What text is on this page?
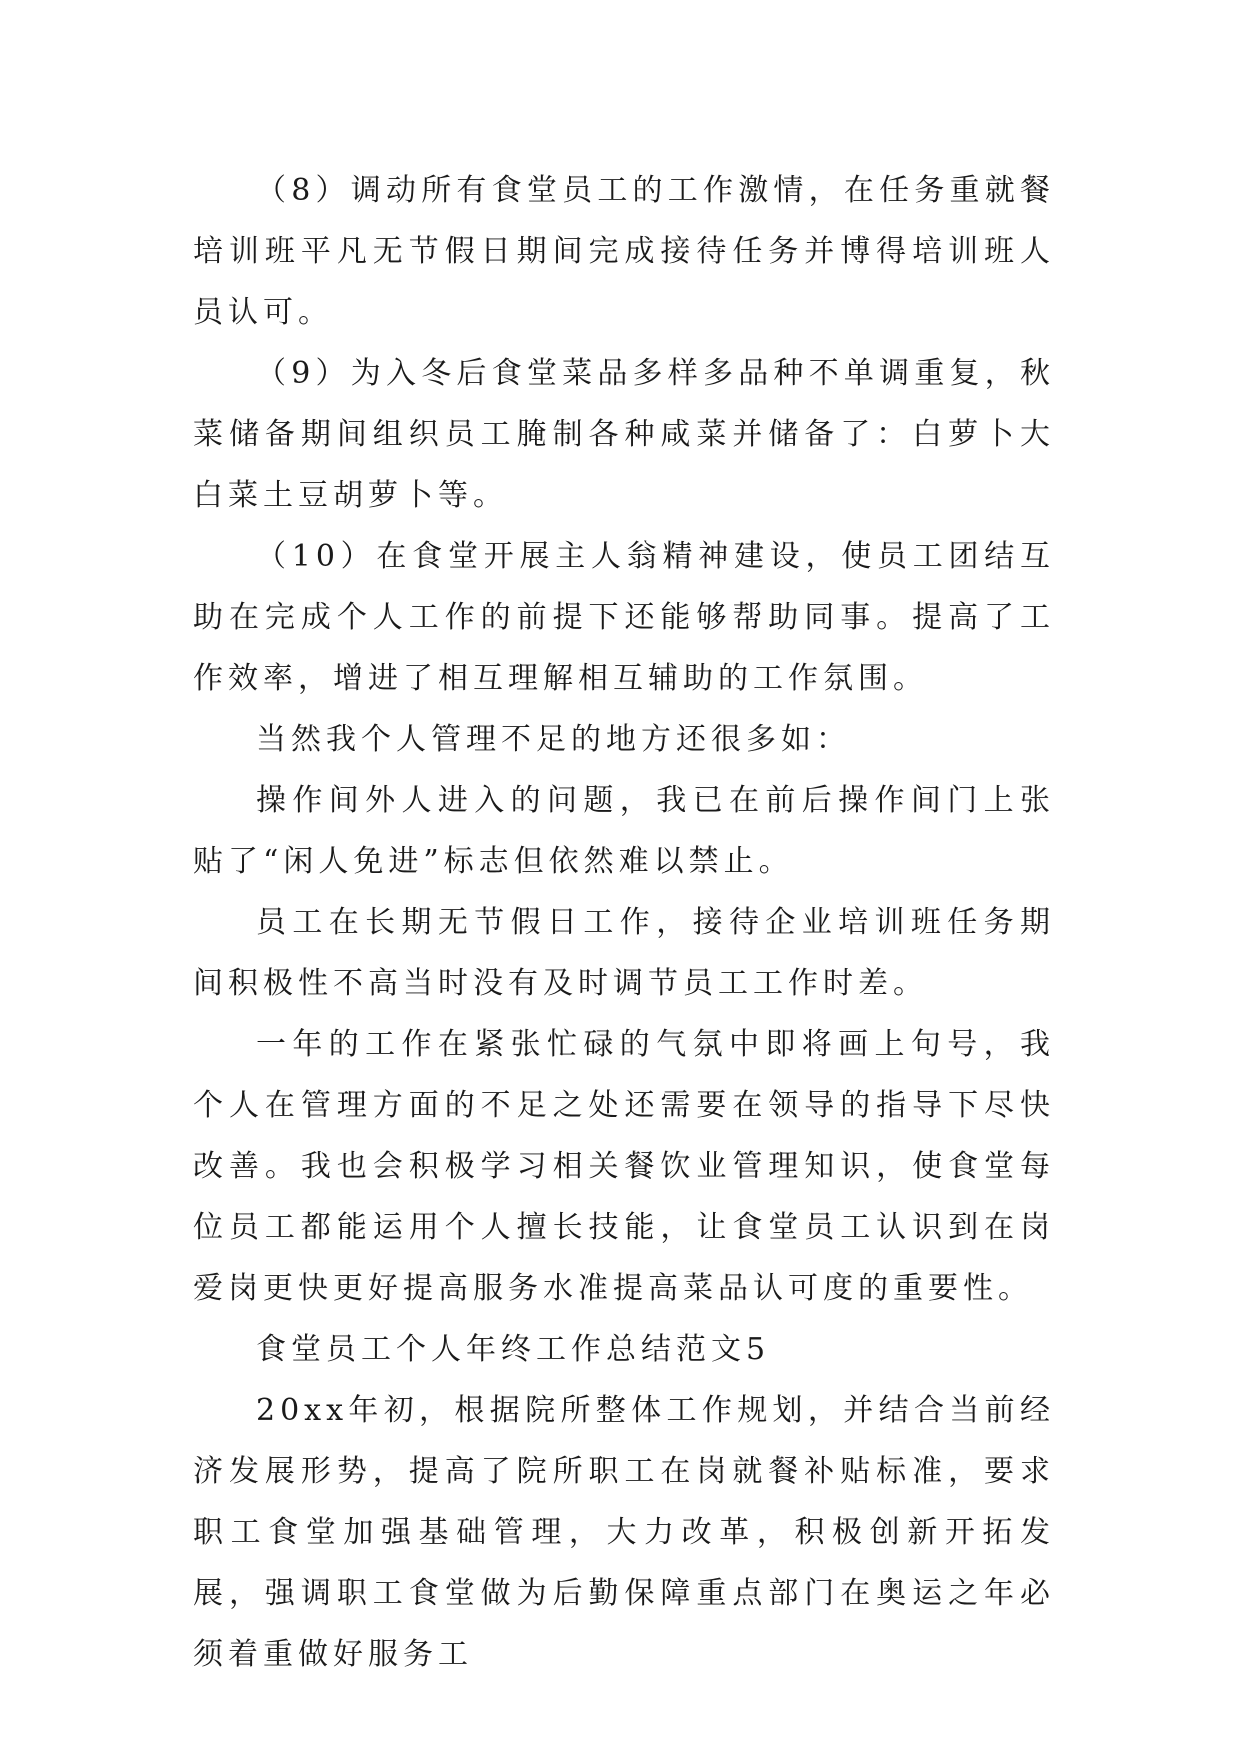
（8）调动所有食堂员工的工作激情，在任务重就餐培训班平凡无节假日期间完成接待任务并博得培训班人员认可。

（9）为入冬后食堂菜品多样多品种不单调重复，秋菜储备期间组织员工腌制各种咸菜并储备了：白萝卜大白菜土豆胡萝卜等。

（10）在食堂开展主人翁精神建设，使员工团结互助在完成个人工作的前提下还能够帮助同事。提高了工作效率，增进了相互理解相互辅助的工作氛围。

当然我个人管理不足的地方还很多如：

操作间外人进入的问题，我已在前后操作间门上张贴了“闲人免进”标志但依然难以禁止。

员工在长期无节假日工作，接待企业培训班任务期间积极性不高当时没有及时调节员工工作时差。

一年的工作在紧张忙碌的气氛中即将画上句号，我个人在管理方面的不足之处还需要在领导的指导下尽快改善。我也会积极学习相关餐饮业管理知识，使食堂每位员工都能运用个人擅长技能，让食堂员工认识到在岗爱岗更快更好提高服务水准提高菜品认可度的重要性。

食堂员工个人年终工作总结范文5

20xx年初，根据院所整体工作规划，并结合当前经济发展形势，提高了院所职工在岗就餐补贴标准，要求职工食堂加强基础管理，大力改革，积极创新开拓发展，强调职工食堂做为后勤保障重点部门在奥运之年必须着重做好服务工
